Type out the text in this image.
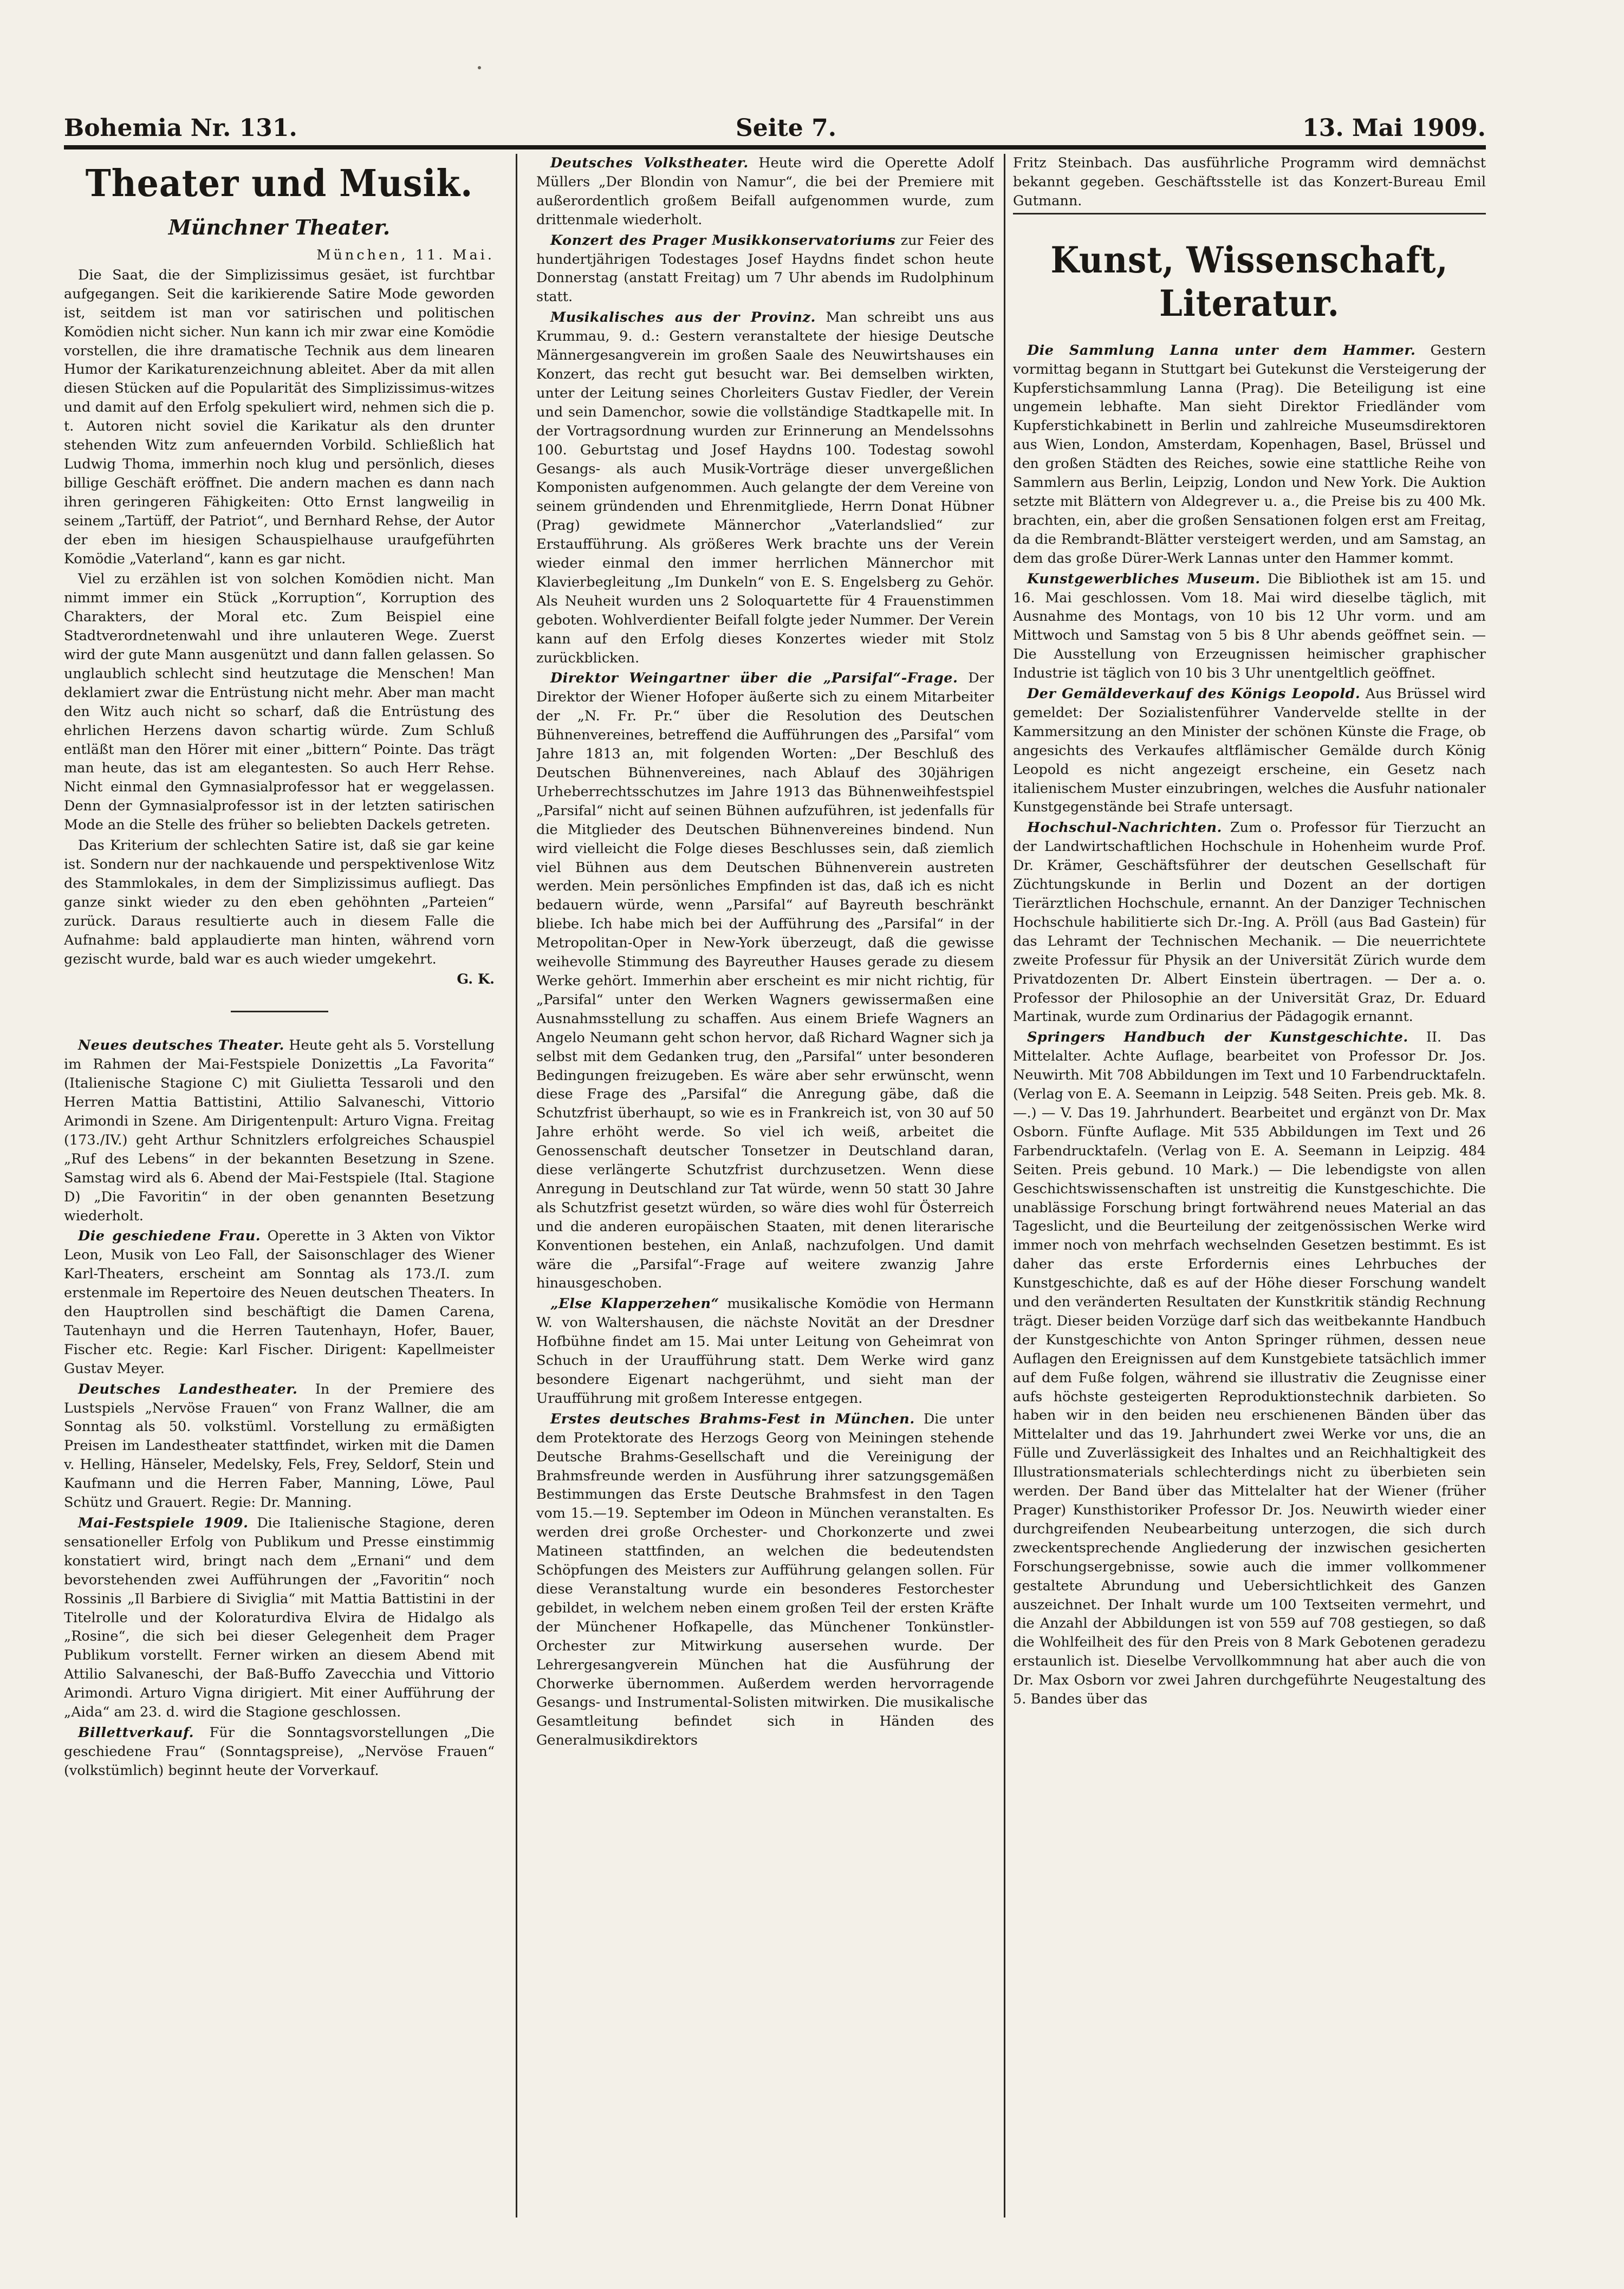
Bohemia Nr. 131.	Seite 7.	13. Mai 1909.
Theater und Musik.
Münchner Theater.
München, 11. Mai.

Die Saat, die der Simplizissimus gesäet, ist furchtbar aufgegangen. Seit die karikierende Satire Mode geworden ist, seitdem ist man vor satirischen und politischen Komödien nicht sicher. Nun kann ich mir zwar eine Komödie vorstellen, die ihre dramatische Technik aus dem linearen Humor der Karikaturenzeichnung ableitet. Aber da mit allen diesen Stücken auf die Popularität des Simplizissimus-witzes und damit auf den Erfolg spekuliert wird, nehmen sich die p. t. Autoren nicht soviel die Karikatur als den drunter stehenden Witz zum anfeuernden Vorbild. Schließlich hat Ludwig Thoma, immerhin noch klug und persönlich, dieses billige Geschäft eröffnet. Die andern machen es dann nach ihren geringeren Fähigkeiten: Otto Ernst langweilig in seinem „Tartüff, der Patriot“, und Bernhard Rehse, der Autor der eben im hiesigen Schauspielhause uraufgeführten Komödie „Vaterland“, kann es gar nicht.

Viel zu erzählen ist von solchen Komödien nicht. Man nimmt immer ein Stück „Korruption“, Korruption des Charakters, der Moral etc. Zum Beispiel eine Stadtverordnetenwahl und ihre unlauteren Wege. Zuerst wird der gute Mann ausgenützt und dann fallen gelassen. So unglaublich schlecht sind heutzutage die Menschen! Man deklamiert zwar die Entrüstung nicht mehr. Aber man macht den Witz auch nicht so scharf, daß die Entrüstung des ehrlichen Herzens davon schartig würde. Zum Schluß entläßt man den Hörer mit einer „bittern“ Pointe. Das trägt man heute, das ist am elegantesten. So auch Herr Rehse. Nicht einmal den Gymnasialprofessor hat er weggelassen. Denn der Gymnasialprofessor ist in der letzten satirischen Mode an die Stelle des früher so beliebten Dackels getreten.

Das Kriterium der schlechten Satire ist, daß sie gar keine ist. Sondern nur der nachkauende und perspektivenlose Witz des Stammlokales, in dem der Simplizissimus aufliegt. Das ganze sinkt wieder zu den eben gehöhnten „Parteien“ zurück. Daraus resultierte auch in diesem Falle die Aufnahme: bald applaudierte man hinten, während vorn gezischt wurde, bald war es auch wieder umgekehrt.

G. K.

Neues deutsches Theater. Heute geht als 5. Vorstellung im Rahmen der Mai-Festspiele Donizettis „La Favorita“ (Italienische Stagione C) mit Giulietta Tessaroli und den Herren Mattia Battistini, Attilio Salvaneschi, Vittorio Arimondi in Szene. Am Dirigentenpult: Arturo Vigna. Freitag (173./IV.) geht Arthur Schnitzlers erfolgreiches Schauspiel „Ruf des Lebens“ in der bekannten Besetzung in Szene. Samstag wird als 6. Abend der Mai-Festspiele (Ital. Stagione D) „Die Favoritin“ in der oben genannten Besetzung wiederholt.

Die geschiedene Frau. Operette in 3 Akten von Viktor Leon, Musik von Leo Fall, der Saisonschlager des Wiener Karl-Theaters, erscheint am Sonntag als 173./I. zum erstenmale im Repertoire des Neuen deutschen Theaters. In den Hauptrollen sind beschäftigt die Damen Carena, Tautenhayn und die Herren Tautenhayn, Hofer, Bauer, Fischer etc. Regie: Karl Fischer. Dirigent: Kapellmeister Gustav Meyer.

Deutsches Landestheater. In der Premiere des Lustspiels „Nervöse Frauen“ von Franz Wallner, die am Sonntag als 50. volkstüml. Vorstellung zu ermäßigten Preisen im Landestheater stattfindet, wirken mit die Damen v. Helling, Hänseler, Medelsky, Fels, Frey, Seldorf, Stein und Kaufmann und die Herren Faber, Manning, Löwe, Paul Schütz und Grauert. Regie: Dr. Manning.

Mai-Festspiele 1909. Die Italienische Stagione, deren sensationeller Erfolg von Publikum und Presse einstimmig konstatiert wird, bringt nach dem „Ernani“ und dem bevorstehenden zwei Aufführungen der „Favoritin“ noch Rossinis „Il Barbiere di Siviglia“ mit Mattia Battistini in der Titelrolle und der Koloraturdiva Elvira de Hidalgo als „Rosine“, die sich bei dieser Gelegenheit dem Prager Publikum vorstellt. Ferner wirken an diesem Abend mit Attilio Salvaneschi, der Baß-Buffo Zavecchia und Vittorio Arimondi. Arturo Vigna dirigiert. Mit einer Aufführung der „Aida“ am 23. d. wird die Stagione geschlossen.

Billettverkauf. Für die Sonntagsvorstellungen „Die geschiedene Frau“ (Sonntagspreise), „Nervöse Frauen“ (volkstümlich) beginnt heute der Vorverkauf.

Deutsches Volkstheater. Heute wird die Operette Adolf Müllers „Der Blondin von Namur“, die bei der Premiere mit außerordentlich großem Beifall aufgenommen wurde, zum drittenmale wiederholt.

Konzert des Prager Musikkonservatoriums zur Feier des hundertjährigen Todestages Josef Haydns findet schon heute Donnerstag (anstatt Freitag) um 7 Uhr abends im Rudolphinum statt.

Musikalisches aus der Provinz. Man schreibt uns aus Krummau, 9. d.: Gestern veranstaltete der hiesige Deutsche Männergesangverein im großen Saale des Neuwirtshauses ein Konzert, das recht gut besucht war. Bei demselben wirkten, unter der Leitung seines Chorleiters Gustav Fiedler, der Verein und sein Damenchor, sowie die vollständige Stadtkapelle mit. In der Vortragsordnung wurden zur Erinnerung an Mendelssohns 100. Geburtstag und Josef Haydns 100. Todestag sowohl Gesangs- als auch Musik-Vorträge dieser unvergeßlichen Komponisten aufgenommen. Auch gelangte der dem Vereine von seinem gründenden und Ehrenmitgliede, Herrn Donat Hübner (Prag) gewidmete Männerchor „Vaterlandslied“ zur Erstaufführung. Als größeres Werk brachte uns der Verein wieder einmal den immer herrlichen Männerchor mit Klavierbegleitung „Im Dunkeln“ von E. S. Engelsberg zu Gehör. Als Neuheit wurden uns 2 Soloquartette für 4 Frauenstimmen geboten. Wohlverdienter Beifall folgte jeder Nummer. Der Verein kann auf den Erfolg dieses Konzertes wieder mit Stolz zurückblicken.

Direktor Weingartner über die „Parsifal“-Frage. Der Direktor der Wiener Hofoper äußerte sich zu einem Mitarbeiter der „N. Fr. Pr.“ über die Resolution des Deutschen Bühnenvereines, betreffend die Aufführungen des „Parsifal“ vom Jahre 1813 an, mit folgenden Worten: „Der Beschluß des Deutschen Bühnenvereines, nach Ablauf des 30jährigen Urheberrechtsschutzes im Jahre 1913 das Bühnenweihfestspiel „Parsifal“ nicht auf seinen Bühnen aufzuführen, ist jedenfalls für die Mitglieder des Deutschen Bühnenvereines bindend. Nun wird vielleicht die Folge dieses Beschlusses sein, daß ziemlich viel Bühnen aus dem Deutschen Bühnenverein austreten werden. Mein persönliches Empfinden ist das, daß ich es nicht bedauern würde, wenn „Parsifal“ auf Bayreuth beschränkt bliebe. Ich habe mich bei der Aufführung des „Parsifal“ in der Metropolitan-Oper in New-York überzeugt, daß die gewisse weihevolle Stimmung des Bayreuther Hauses gerade zu diesem Werke gehört. Immerhin aber erscheint es mir nicht richtig, für „Parsifal“ unter den Werken Wagners gewissermaßen eine Ausnahmsstellung zu schaffen. Aus einem Briefe Wagners an Angelo Neumann geht schon hervor, daß Richard Wagner sich ja selbst mit dem Gedanken trug, den „Parsifal“ unter besonderen Bedingungen freizugeben. Es wäre aber sehr erwünscht, wenn diese Frage des „Parsifal“ die Anregung gäbe, daß die Schutzfrist überhaupt, so wie es in Frankreich ist, von 30 auf 50 Jahre erhöht werde. So viel ich weiß, arbeitet die Genossenschaft deutscher Tonsetzer in Deutschland daran, diese verlängerte Schutzfrist durchzusetzen. Wenn diese Anregung in Deutschland zur Tat würde, wenn 50 statt 30 Jahre als Schutzfrist gesetzt würden, so wäre dies wohl für Österreich und die anderen europäischen Staaten, mit denen literarische Konventionen bestehen, ein Anlaß, nachzufolgen. Und damit wäre die „Parsifal“-Frage auf weitere zwanzig Jahre hinausgeschoben.

„Else Klapperzehen“ musikalische Komödie von Hermann W. von Waltershausen, die nächste Novität an der Dresdner Hofbühne findet am 15. Mai unter Leitung von Geheimrat von Schuch in der Uraufführung statt. Dem Werke wird ganz besondere Eigenart nachgerühmt, und sieht man der Uraufführung mit großem Interesse entgegen.

Erstes deutsches Brahms-Fest in München. Die unter dem Protektorate des Herzogs Georg von Meiningen stehende Deutsche Brahms-Gesellschaft und die Vereinigung der Brahmsfreunde werden in Ausführung ihrer satzungsgemäßen Bestimmungen das Erste Deutsche Brahmsfest in den Tagen vom 15.—19. September im Odeon in München veranstalten. Es werden drei große Orchester- und Chorkonzerte und zwei Matineen stattfinden, an welchen die bedeutendsten Schöpfungen des Meisters zur Aufführung gelangen sollen. Für diese Veranstaltung wurde ein besonderes Festorchester gebildet, in welchem neben einem großen Teil der ersten Kräfte der Münchener Hofkapelle, das Münchener Tonkünstler-Orchester zur Mitwirkung ausersehen wurde. Der Lehrergesangverein München hat die Ausführung der Chorwerke übernommen. Außerdem werden hervorragende Gesangs- und Instrumental-Solisten mitwirken. Die musikalische Gesamtleitung befindet sich in Händen des Generalmusikdirektors

Fritz Steinbach. Das ausführliche Programm wird demnächst bekannt gegeben. Geschäftsstelle ist das Konzert-Bureau Emil Gutmann.

Kunst, Wissenschaft, Literatur.

Die Sammlung Lanna unter dem Hammer. Gestern vormittag begann in Stuttgart bei Gutekunst die Versteigerung der Kupferstichsammlung Lanna (Prag). Die Beteiligung ist eine ungemein lebhafte. Man sieht Direktor Friedländer vom Kupferstichkabinett in Berlin und zahlreiche Museumsdirektoren aus Wien, London, Amsterdam, Kopenhagen, Basel, Brüssel und den großen Städten des Reiches, sowie eine stattliche Reihe von Sammlern aus Berlin, Leipzig, London und New York. Die Auktion setzte mit Blättern von Aldegrever u. a., die Preise bis zu 400 Mk. brachten, ein, aber die großen Sensationen folgen erst am Freitag, da die Rembrandt-Blätter versteigert werden, und am Samstag, an dem das große Dürer-Werk Lannas unter den Hammer kommt.

Kunstgewerbliches Museum. Die Bibliothek ist am 15. und 16. Mai geschlossen. Vom 18. Mai wird dieselbe täglich, mit Ausnahme des Montags, von 10 bis 12 Uhr vorm. und am Mittwoch und Samstag von 5 bis 8 Uhr abends geöffnet sein. — Die Ausstellung von Erzeugnissen heimischer graphischer Industrie ist täglich von 10 bis 3 Uhr unentgeltlich geöffnet.

Der Gemäldeverkauf des Königs Leopold. Aus Brüssel wird gemeldet: Der Sozialistenführer Vandervelde stellte in der Kammersitzung an den Minister der schönen Künste die Frage, ob angesichts des Verkaufes altflämischer Gemälde durch König Leopold es nicht angezeigt erscheine, ein Gesetz nach italienischem Muster einzubringen, welches die Ausfuhr nationaler Kunstgegenstände bei Strafe untersagt.

Hochschul-Nachrichten. Zum o. Professor für Tierzucht an der Landwirtschaftlichen Hochschule in Hohenheim wurde Prof. Dr. Krämer, Geschäftsführer der deutschen Gesellschaft für Züchtungskunde in Berlin und Dozent an der dortigen Tierärztlichen Hochschule, ernannt. An der Danziger Technischen Hochschule habilitierte sich Dr.-Ing. A. Pröll (aus Bad Gastein) für das Lehramt der Technischen Mechanik. — Die neuerrichtete zweite Professur für Physik an der Universität Zürich wurde dem Privatdozenten Dr. Albert Einstein übertragen. — Der a. o. Professor der Philosophie an der Universität Graz, Dr. Eduard Martinak, wurde zum Ordinarius der Pädagogik ernannt.

Springers Handbuch der Kunstgeschichte. II. Das Mittelalter. Achte Auflage, bearbeitet von Professor Dr. Jos. Neuwirth. Mit 708 Abbildungen im Text und 10 Farbendrucktafeln. (Verlag von E. A. Seemann in Leipzig. 548 Seiten. Preis geb. Mk. 8.—.) — V. Das 19. Jahrhundert. Bearbeitet und ergänzt von Dr. Max Osborn. Fünfte Auflage. Mit 535 Abbildungen im Text und 26 Farbendrucktafeln. (Verlag von E. A. Seemann in Leipzig. 484 Seiten. Preis gebund. 10 Mark.) — Die lebendigste von allen Geschichtswissenschaften ist unstreitig die Kunstgeschichte. Die unablässige Forschung bringt fortwährend neues Material an das Tageslicht, und die Beurteilung der zeitgenössischen Werke wird immer noch von mehrfach wechselnden Gesetzen bestimmt. Es ist daher das erste Erfordernis eines Lehrbuches der Kunstgeschichte, daß es auf der Höhe dieser Forschung wandelt und den veränderten Resultaten der Kunstkritik ständig Rechnung trägt. Dieser beiden Vorzüge darf sich das weitbekannte Handbuch der Kunstgeschichte von Anton Springer rühmen, dessen neue Auflagen den Ereignissen auf dem Kunstgebiete tatsächlich immer auf dem Fuße folgen, während sie illustrativ die Zeugnisse einer aufs höchste gesteigerten Reproduktionstechnik darbieten. So haben wir in den beiden neu erschienenen Bänden über das Mittelalter und das 19. Jahrhundert zwei Werke vor uns, die an Fülle und Zuverlässigkeit des Inhaltes und an Reichhaltigkeit des Illustrationsmaterials schlechterdings nicht zu überbieten sein werden. Der Band über das Mittelalter hat der Wiener (früher Prager) Kunsthistoriker Professor Dr. Jos. Neuwirth wieder einer durchgreifenden Neubearbeitung unterzogen, die sich durch zweckentsprechende Angliederung der inzwischen gesicherten Forschungsergebnisse, sowie auch die immer vollkommener gestaltete Abrundung und Uebersichtlichkeit des Ganzen auszeichnet. Der Inhalt wurde um 100 Textseiten vermehrt, und die Anzahl der Abbildungen ist von 559 auf 708 gestiegen, so daß die Wohlfeilheit des für den Preis von 8 Mark Gebotenen geradezu erstaunlich ist. Dieselbe Vervollkommnung hat aber auch die von Dr. Max Osborn vor zwei Jahren durchgeführte Neugestaltung des 5. Bandes über das
